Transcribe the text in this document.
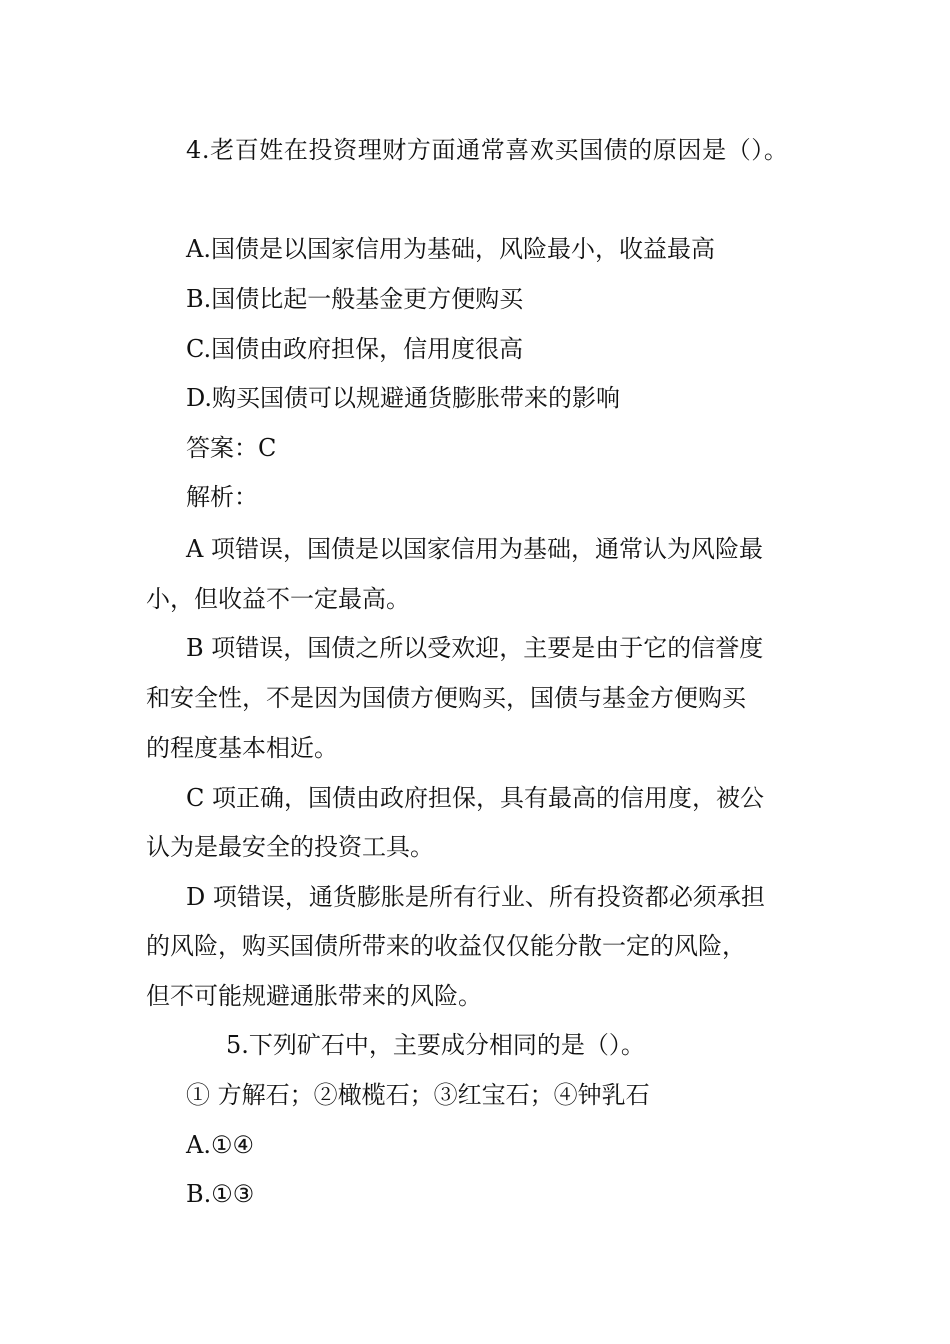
4.老百姓在投资理财方面通常喜欢买国债的原因是（）。
A.国债是以国家信用为基础，风险最小，收益最高
B.国债比起一般基金更方便购买
C.国债由政府担保，信用度很高
D.购买国债可以规避通货膨胀带来的影响
答案：C
解析：
A 项错误，国债是以国家信用为基础，通常认为风险最
小，但收益不一定最高。
B 项错误，国债之所以受欢迎，主要是由于它的信誉度
和安全性，不是因为国债方便购买，国债与基金方便购买
的程度基本相近。
C 项正确，国债由政府担保，具有最高的信用度，被公
认为是最安全的投资工具。
D 项错误，通货膨胀是所有行业、所有投资都必须承担
的风险，购买国债所带来的收益仅仅能分散一定的风险，
但不可能规避通胀带来的风险。
5.下列矿石中，主要成分相同的是（）。
① 方解石；②橄榄石；③红宝石；④钟乳石
A.①④
B.①③
